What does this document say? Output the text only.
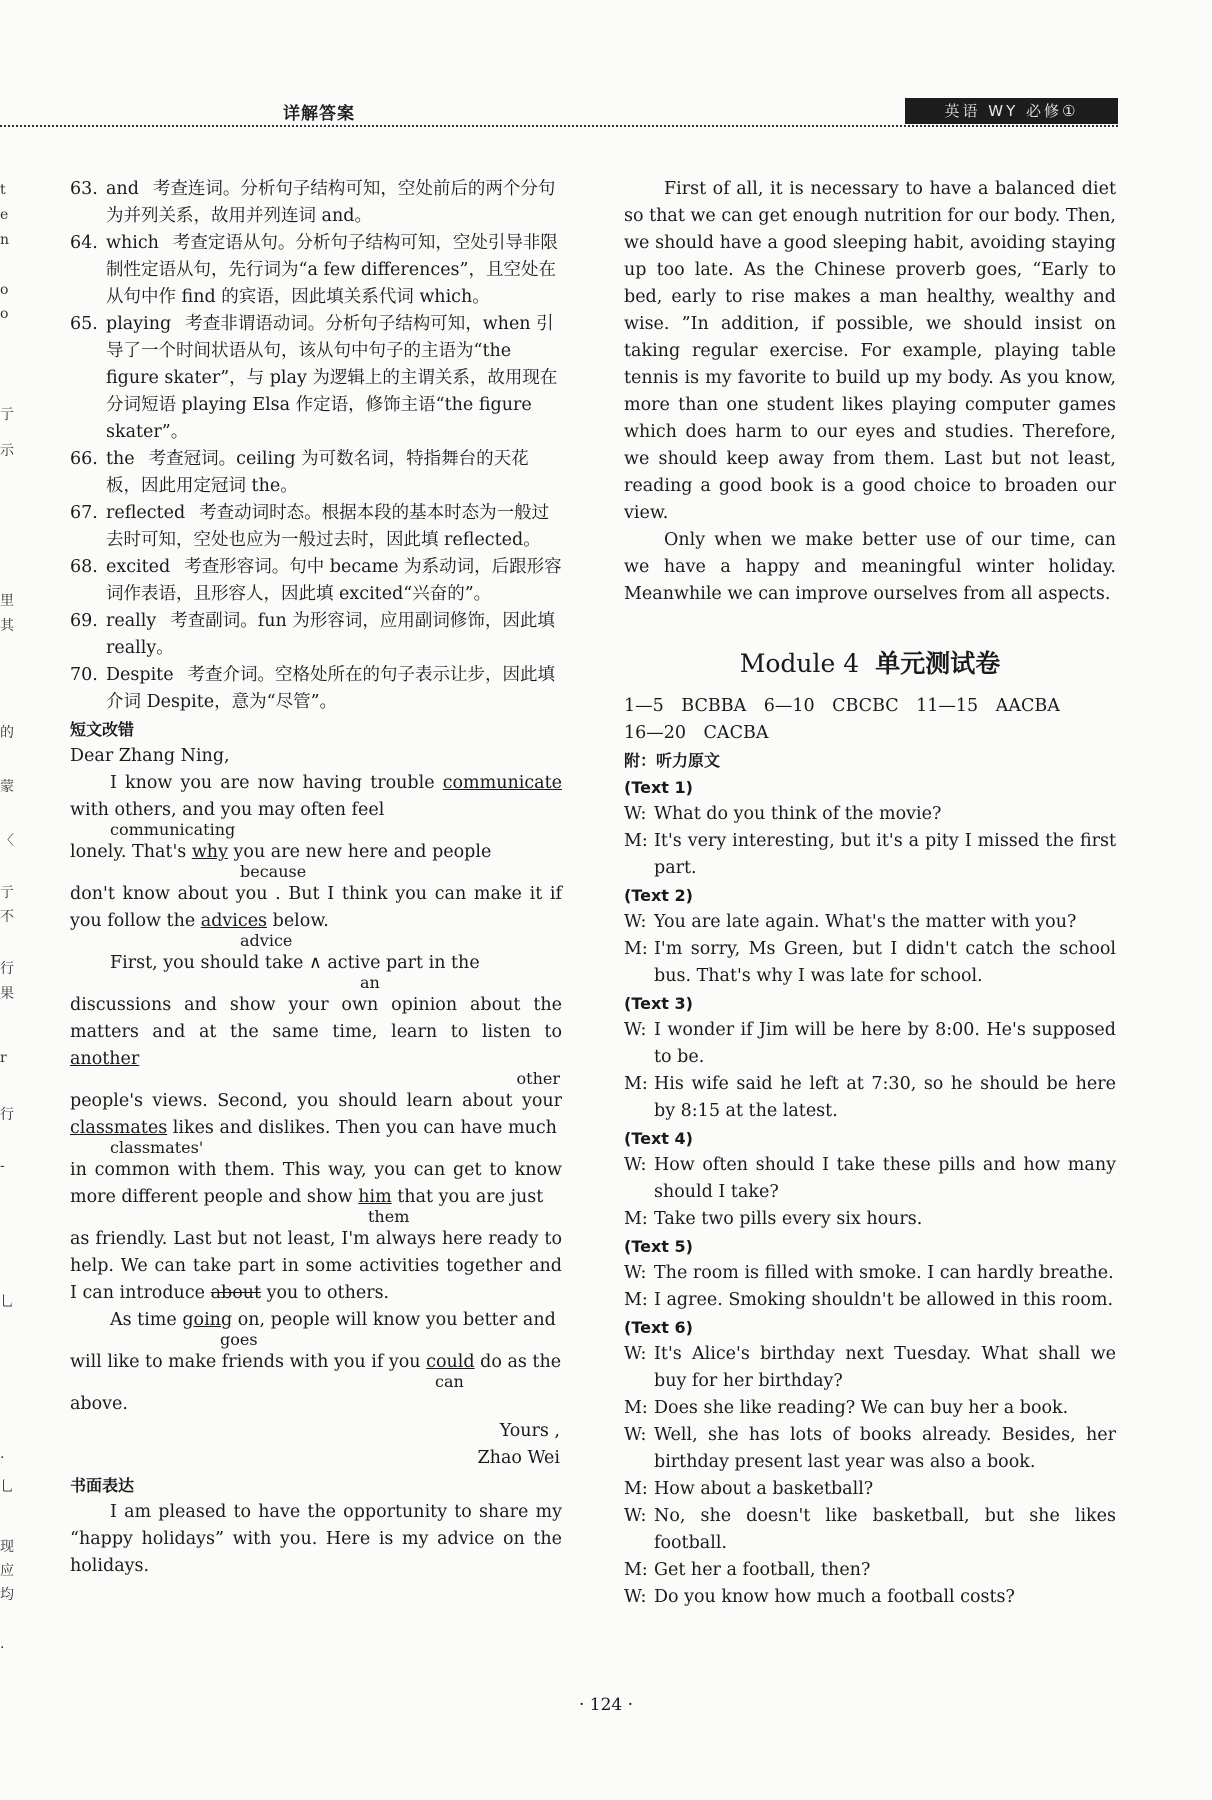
详解答案	英语 WY 必修①
t
e
n
o
o
亍
示
里
其
的
蒙
〈
亍
不
行
果
r
行
-
乚
·
乚
现
应
均
·
63. and 考查连词。分析句子结构可知，空处前后的两个分句为并列关系，故用并列连词 and。
64. which 考查定语从句。分析句子结构可知，空处引导非限制性定语从句，先行词为“a few differences”，且空处在从句中作 find 的宾语，因此填关系代词 which。
65. playing 考查非谓语动词。分析句子结构可知，when 引导了一个时间状语从句，该从句中句子的主语为“the figure skater”，与 play 为逻辑上的主谓关系，故用现在分词短语 playing Elsa 作定语，修饰主语“the figure skater”。
66. the 考查冠词。ceiling 为可数名词，特指舞台的天花板，因此用定冠词 the。
67. reflected 考查动词时态。根据本段的基本时态为一般过去时可知，空处也应为一般过去时，因此填 reflected。
68. excited 考查形容词。句中 became 为系动词，后跟形容词作表语，且形容人，因此填 excited“兴奋的”。
69. really 考查副词。fun 为形容词，应用副词修饰，因此填 really。
70. Despite 考查介词。空格处所在的句子表示让步，因此填介词 Despite，意为“尽管”。
短文改错
Dear Zhang Ning,
I know you are now having trouble communicate with others, and you may often feel
communicating
lonely. That's why you are new here and people
because
don't know about you . But I think you can make it if you follow the advices below.
advice
First, you should take ∧ active part in the
an
discussions and show your own opinion about the matters and at the same time, learn to listen to another
other
people's views. Second, you should learn about your classmates likes and dislikes. Then you can have much
classmates'
in common with them. This way, you can get to know more different people and show him that you are just
them
as friendly. Last but not least, I'm always here ready to help. We can take part in some activities together and I can introduce about you to others.
As time going on, people will know you better and
goes
will like to make friends with you if you could do as the
can
above.
Yours ,
Zhao Wei
书面表达
I am pleased to have the opportunity to share my “happy holidays” with you. Here is my advice on the holidays.
First of all, it is necessary to have a balanced diet so that we can get enough nutrition for our body. Then, we should have a good sleeping habit, avoiding staying up too late. As the Chinese proverb goes, “Early to bed, early to rise makes a man healthy, wealthy and wise. ”In addition, if possible, we should insist on taking regular exercise. For example, playing table tennis is my favorite to build up my body. As you know, more than one student likes playing computer games which does harm to our eyes and studies. Therefore, we should keep away from them. Last but not least, reading a good book is a good choice to broaden our view.
Only when we make better use of our time, can we have a happy and meaningful winter holiday. Meanwhile we can improve ourselves from all aspects.
Module 4 单元测试卷
1—5　BCBBA　6—10　CBCBC　11—15　AACBA
16—20　CACBA
附：听力原文
(Text 1)
W: What do you think of the movie?
M: It's very interesting, but it's a pity I missed the first part.
(Text 2)
W: You are late again. What's the matter with you?
M: I'm sorry, Ms Green, but I didn't catch the school bus. That's why I was late for school.
(Text 3)
W: I wonder if Jim will be here by 8:00. He's supposed to be.
M: His wife said he left at 7:30, so he should be here by 8:15 at the latest.
(Text 4)
W: How often should I take these pills and how many should I take?
M: Take two pills every six hours.
(Text 5)
W: The room is filled with smoke. I can hardly breathe.
M: I agree. Smoking shouldn't be allowed in this room.
(Text 6)
W: It's Alice's birthday next Tuesday. What shall we buy for her birthday?
M: Does she like reading? We can buy her a book.
W: Well, she has lots of books already. Besides, her birthday present last year was also a book.
M: How about a basketball?
W: No, she doesn't like basketball, but she likes football.
M: Get her a football, then?
W: Do you know how much a football costs?
· 124 ·
